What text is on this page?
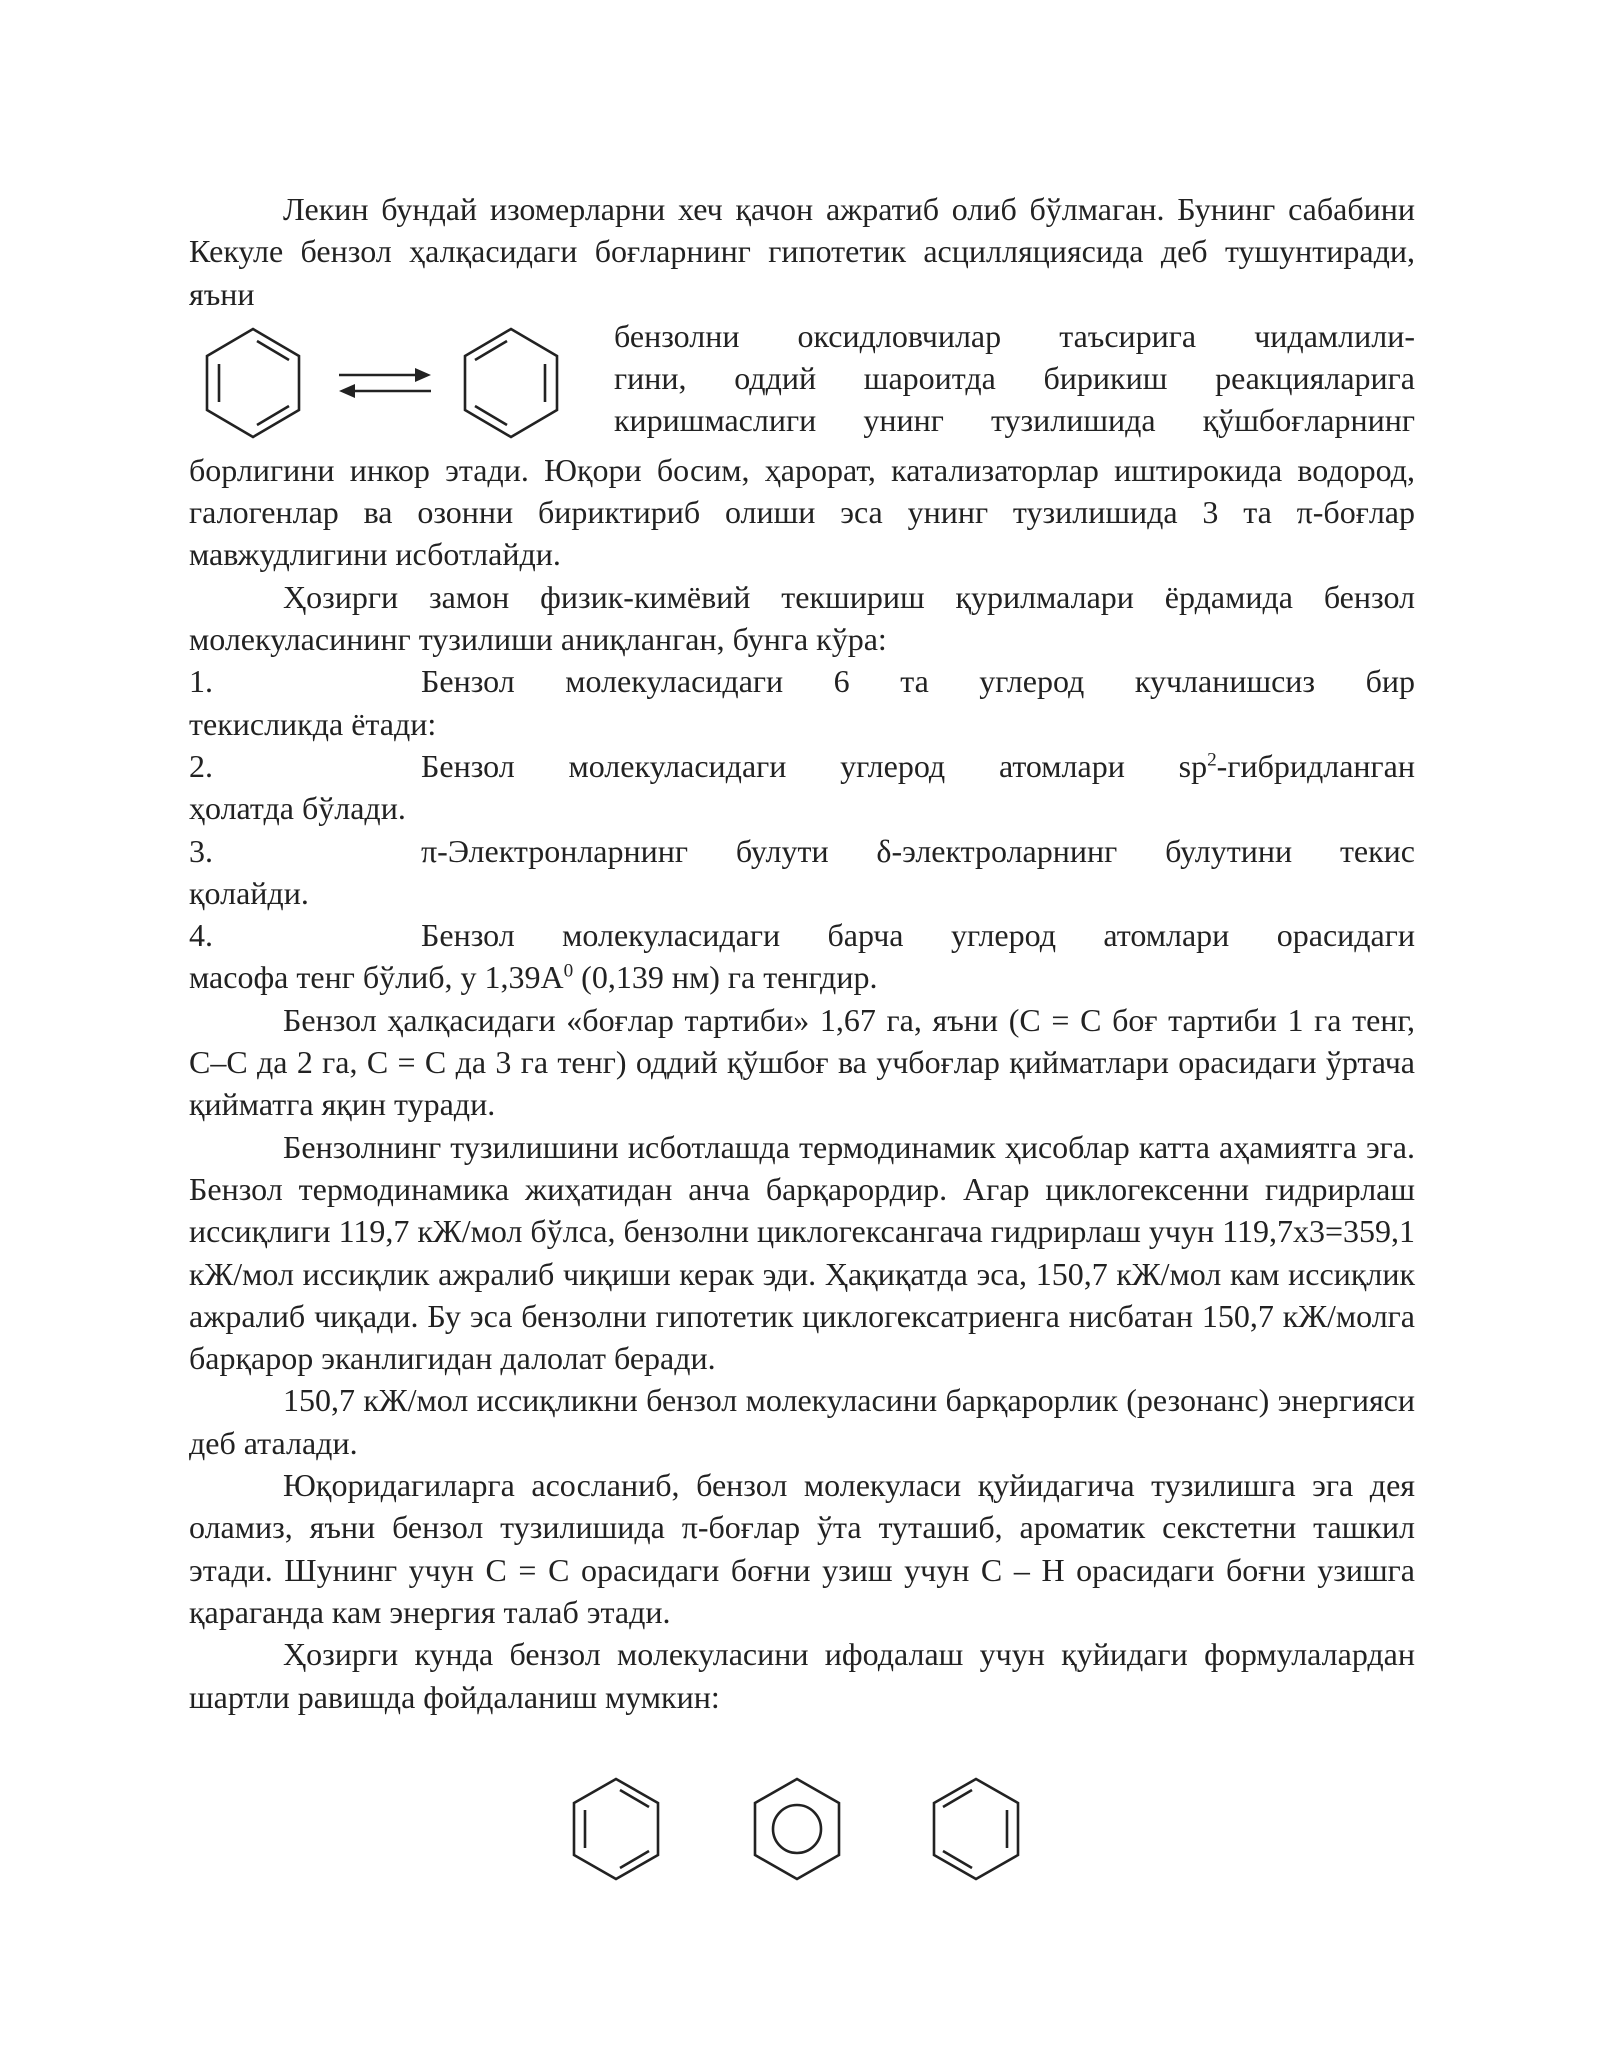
Лекин бундай изомерларни хеч қачон ажратиб олиб бўлмаган. Бунинг сабабини Кекуле бензол ҳалқасидаги боғларнинг гипотетик асцилляциясида деб тушунтиради, яъни

бензолни оксидловчилар таъсирига чидамлили-

гини, оддий шароитда бирикиш реакцияларига

киришмаслиги унинг тузилишида қўшбоғларнинг

борлигини инкор этади. Юқори босим, ҳарорат, катализаторлар иштирокида водород, галогенлар ва озонни бириктириб олиши эса унинг тузилишида 3 та π-боғлар мавжудлигини исботлайди.

Ҳозирги замон физик-кимёвий текшириш қурилмалари ёрдамида бензол молекуласининг тузилиши аниқланган, бунга кўра:

1.	Бензол молекуласидаги 6 та углерод кучланишсиз бир

текисликда ётади:

2.	Бензол молекуласидаги углерод атомлари $sp^2$-гибридланган

ҳолатда бўлади.

3.	π-Электронларнинг булути δ-электроларнинг булутини текис

қолайди.

4.	Бензол молекуласидаги барча углерод атомлари орасидаги

масофа тенг бўлиб, у $1,39А^0$ (0,139 нм) га тенгдир.

Бензол ҳалқасидаги «боғлар тартиби» 1,67 га, яъни (С = С боғ тартиби 1 га тенг, С–С да 2 га, С = С да 3 га тенг) оддий қўшбоғ ва учбоғлар қийматлари орасидаги ўртача қийматга яқин туради.

Бензолнинг тузилишини исботлашда термодинамик ҳисоблар катта аҳамиятга эга. Бензол термодинамика жиҳатидан анча барқарордир. Агар циклогексенни гидрирлаш иссиқлиги 119,7 кЖ/мол бўлса, бензолни циклогексангача гидрирлаш учун 119,7х3=359,1 кЖ/мол иссиқлик ажралиб чиқиши керак эди. Ҳақиқатда эса, 150,7 кЖ/мол кам иссиқлик ажралиб чиқади. Бу эса бензолни гипотетик циклогексатриенга нисбатан 150,7 кЖ/молга барқарор эканлигидан далолат беради.

150,7 кЖ/мол иссиқликни бензол молекуласини барқарорлик (резонанс) энергияси деб аталади.

Юқоридагиларга асосланиб, бензол молекуласи қуйидагича тузилишга эга дея оламиз, яъни бензол тузилишида π-боғлар ўта туташиб, ароматик секстетни ташкил этади. Шунинг учун С = С орасидаги боғни узиш учун С – Н орасидаги боғни узишга қараганда кам энергия талаб этади.

Ҳозирги кунда бензол молекуласини ифодалаш учун қуйидаги формулалардан шартли равишда фойдаланиш мумкин:
